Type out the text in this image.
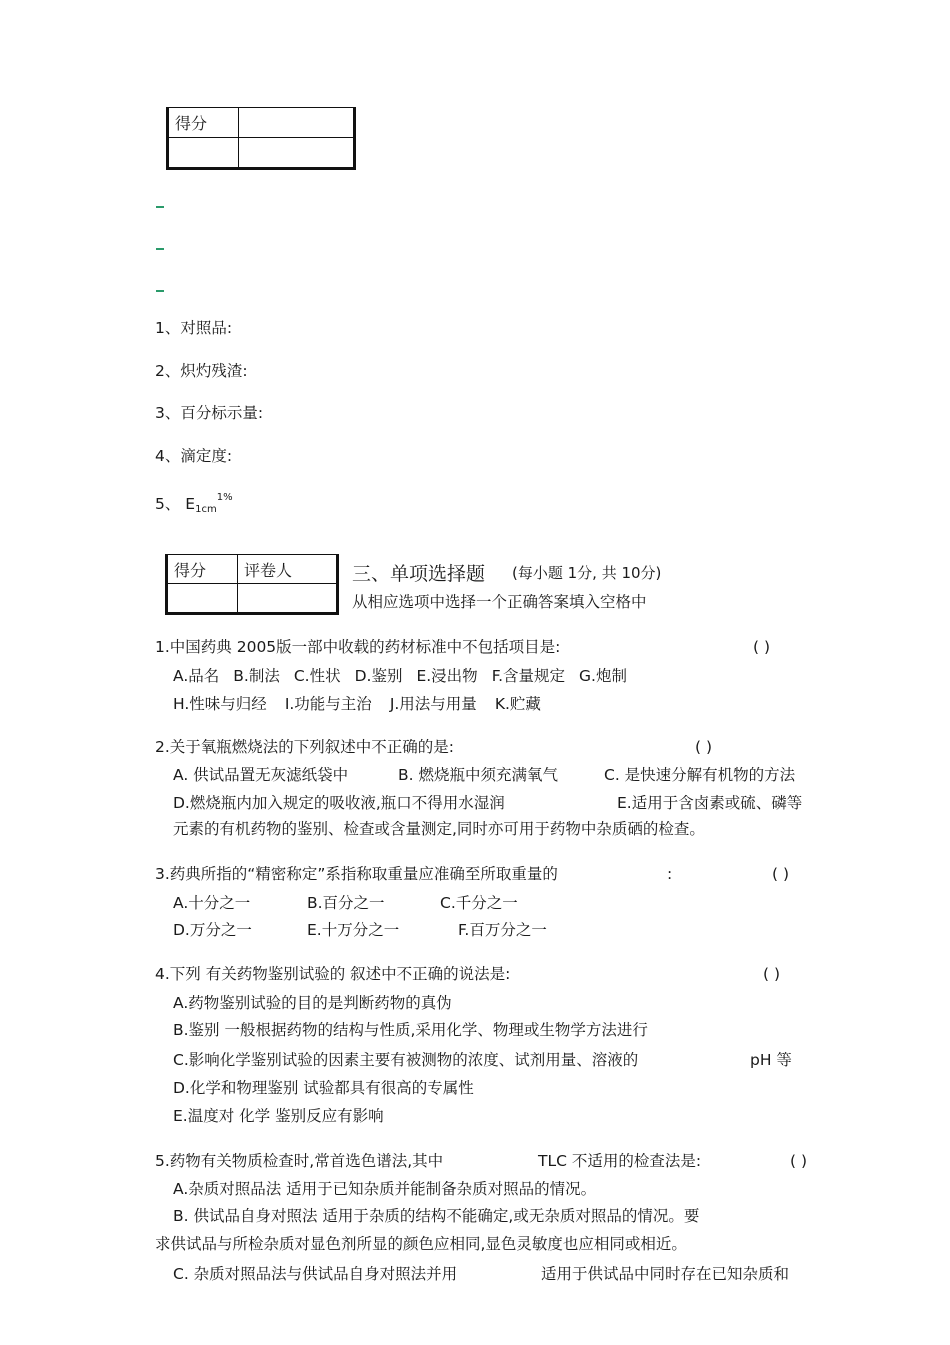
得分	

1、对照品:
2、炽灼残渣:
3、百分标示量:
4、滴定度:
5、 $E1cm^{1\%}$
得分	评卷人
		三、单项选择题 (每小题 1分, 共 10分)
从相应选项中选择一个正确答案填入空格中
1.中国药典 2005版一部中收载的药材标准中不包括项目是:	( )
A.品名 B.制法 C.性状 D.鉴别 E.浸出物 F.含量规定 G.炮制
H.性味与归经 I.功能与主治 J.用法与用量 K.贮藏
2.关于氧瓶燃烧法的下列叙述中不正确的是:	( )
A. 供试品置无灰滤纸袋中	B. 燃烧瓶中须充满氧气	C. 是快速分解有机物的方法
D.燃烧瓶内加入规定的吸收液,瓶口不得用水湿润	E.适用于含卤素或硫、磷等
元素的有机药物的鉴别、检查或含量测定,同时亦可用于药物中杂质硒的检查。
3.药典所指的“精密称定”系指称取重量应准确至所取重量的	:	( )
A.十分之一	B.百分之一	C.千分之一
D.万分之一	E.十万分之一	F.百万分之一
4.下列 有关药物鉴别试验的 叙述中不正确的说法是:	( )
A.药物鉴别试验的目的是判断药物的真伪
B.鉴别 一般根据药物的结构与性质,采用化学、物理或生物学方法进行
C.影响化学鉴别试验的因素主要有被测物的浓度、试剂用量、溶液的	pH 等
D.化学和物理鉴别 试验都具有很高的专属性
E.温度对 化学 鉴别反应有影响
5.药物有关物质检查时,常首选色谱法,其中	TLC 不适用的检查法是:	( )
A.杂质对照品法 适用于已知杂质并能制备杂质对照品的情况。
B. 供试品自身对照法 适用于杂质的结构不能确定,或无杂质对照品的情况。要
求供试品与所检杂质对显色剂所显的颜色应相同,显色灵敏度也应相同或相近。
C. 杂质对照品法与供试品自身对照法并用	适用于供试品中同时存在已知杂质和
